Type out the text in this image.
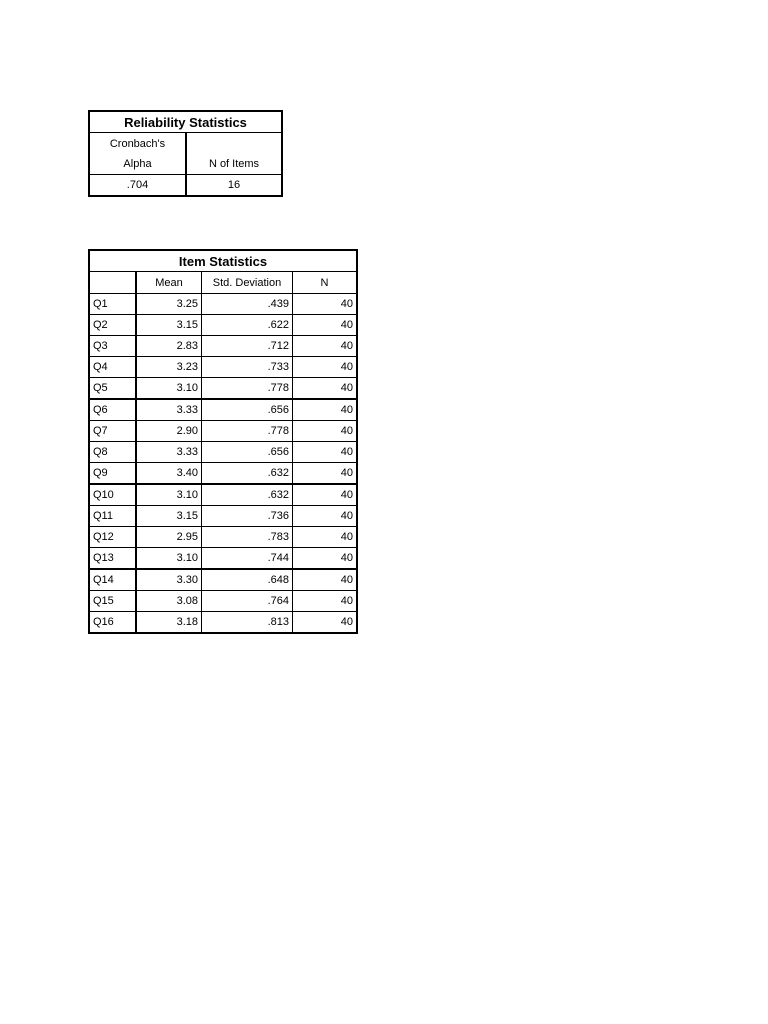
Reliability Statistics	
Cronbach's	
Alpha	N of Items
.704	16
Item Statistics			
	Mean	Std. Deviation	N
Q1	3.25	.439	40
Q2	3.15	.622	40
Q3	2.83	.712	40
Q4	3.23	.733	40
Q5	3.10	.778	40
Q6	3.33	.656	40
Q7	2.90	.778	40
Q8	3.33	.656	40
Q9	3.40	.632	40
Q10	3.10	.632	40
Q11	3.15	.736	40
Q12	2.95	.783	40
Q13	3.10	.744	40
Q14	3.30	.648	40
Q15	3.08	.764	40
Q16	3.18	.813	40
